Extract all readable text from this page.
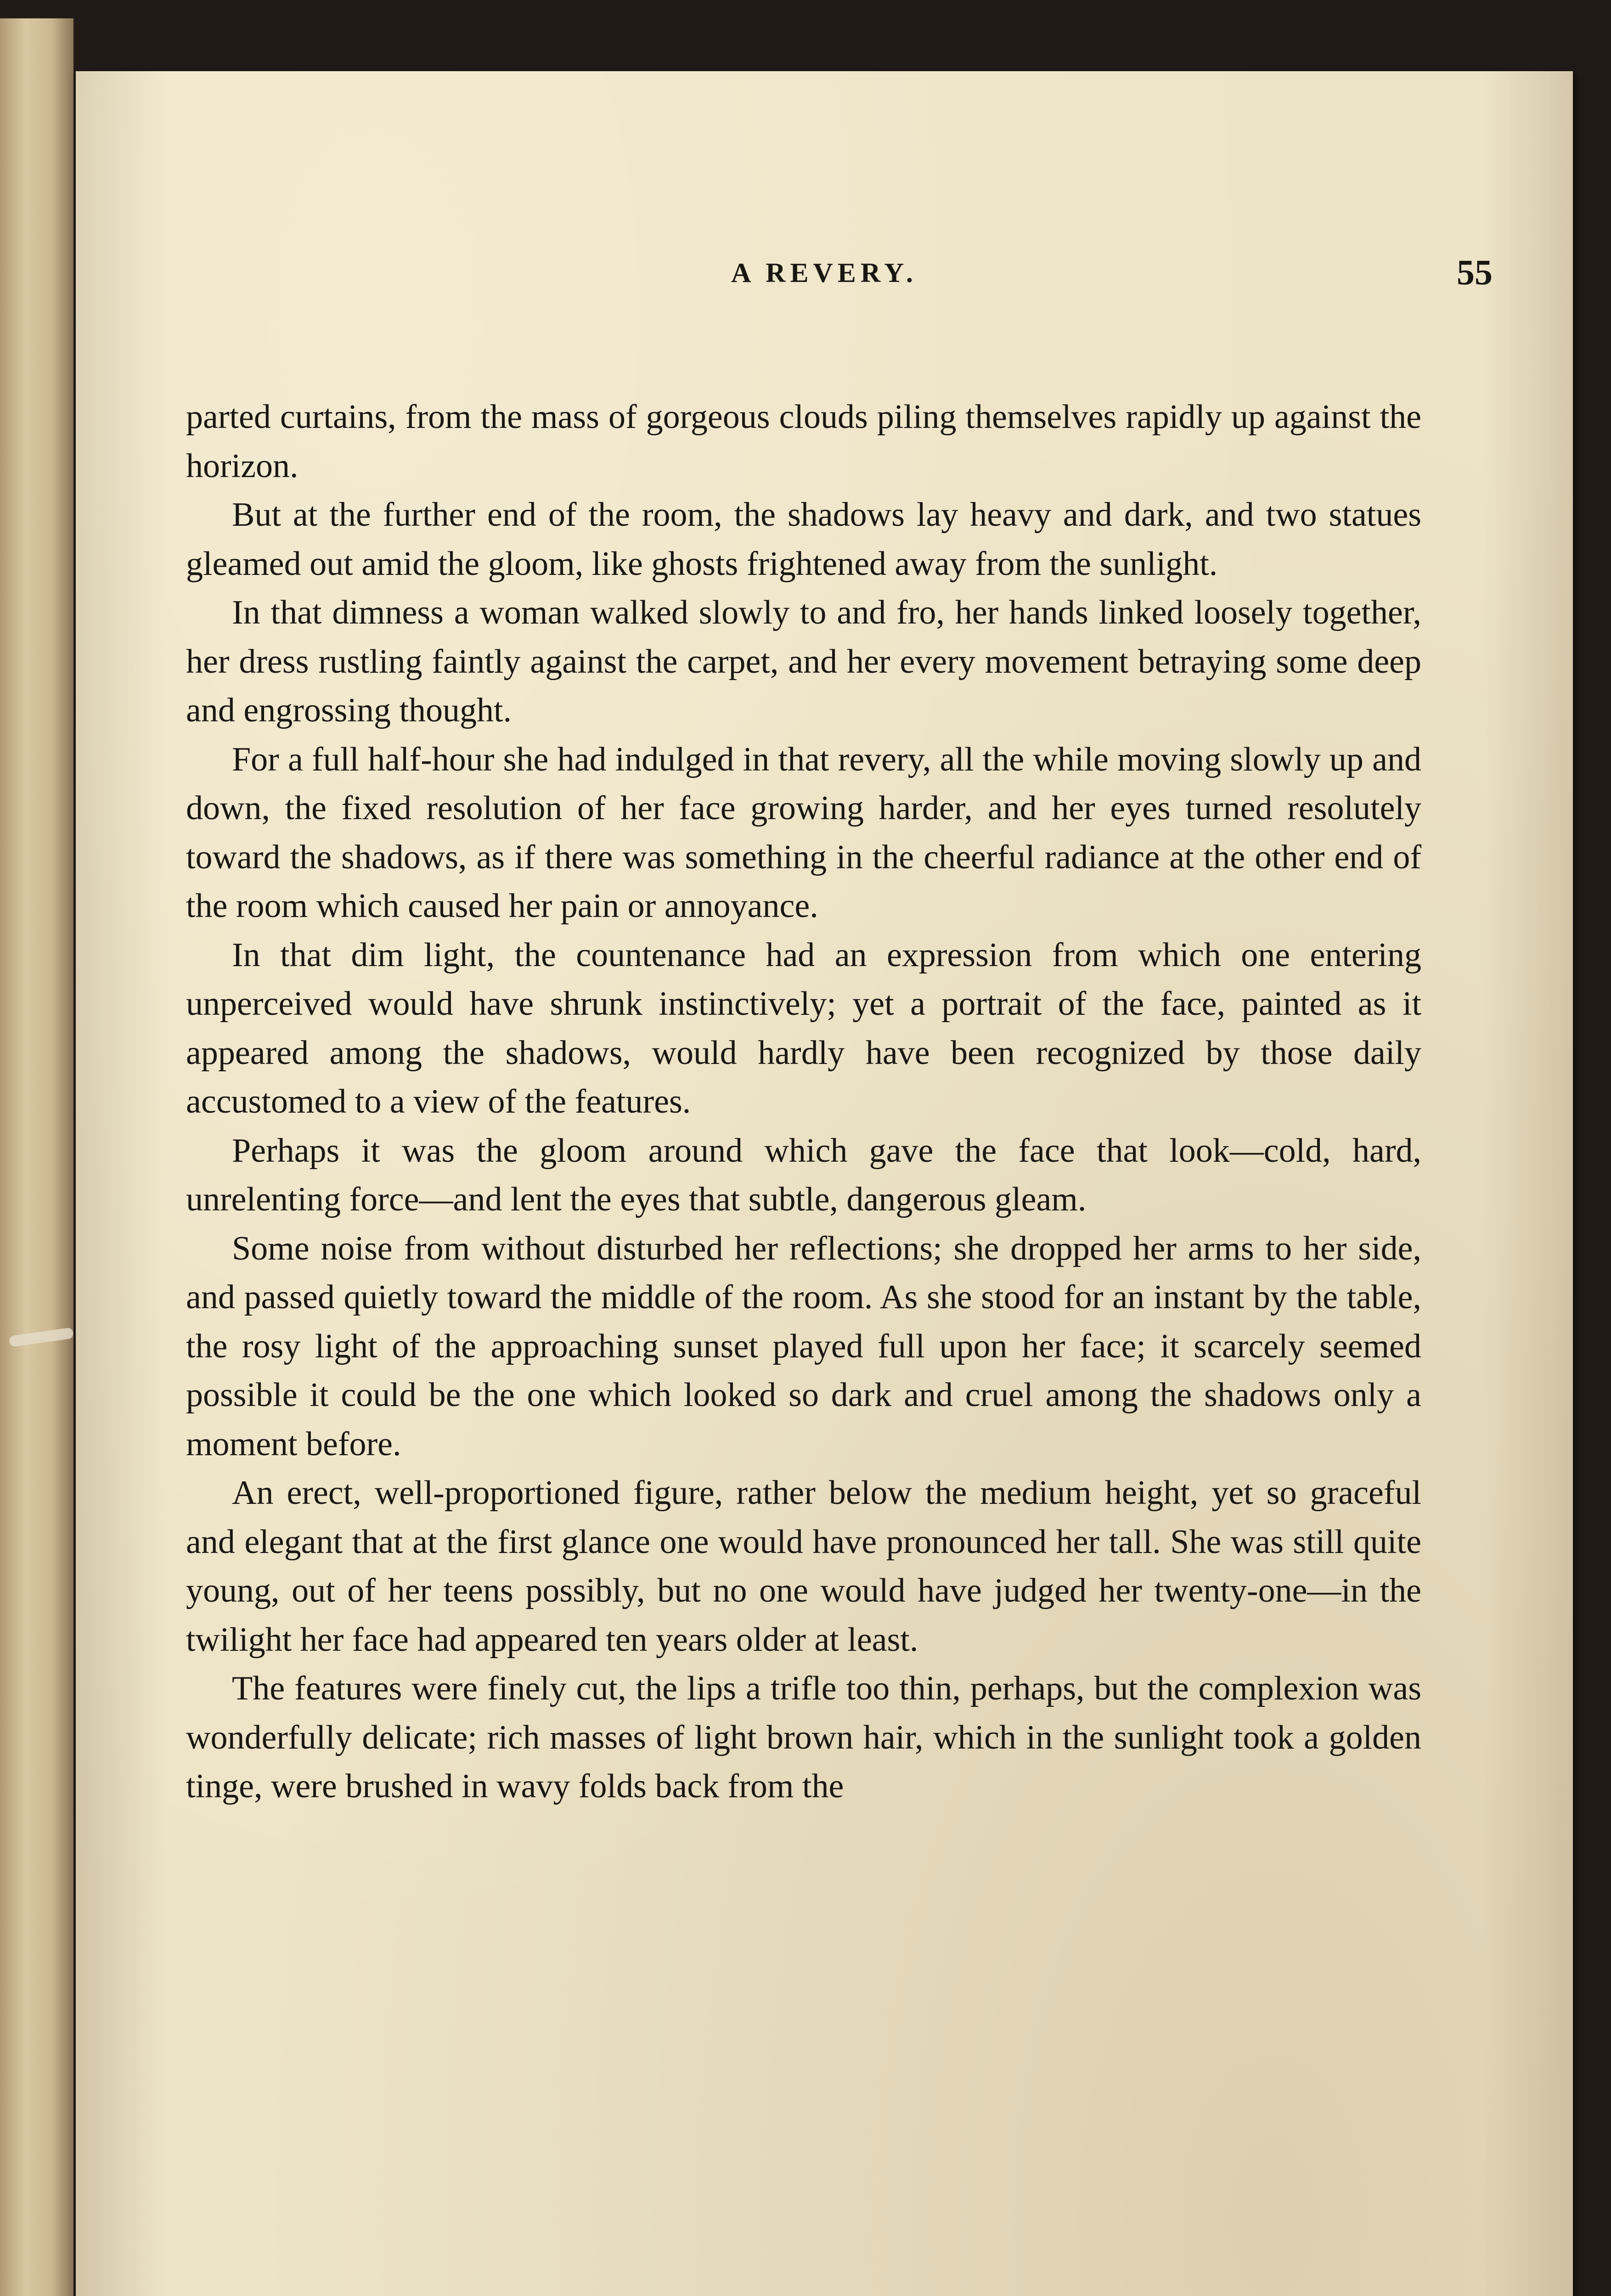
A REVERY.	55

parted curtains, from the mass of gorgeous clouds piling themselves rapidly up against the horizon.

But at the further end of the room, the shadows lay heavy and dark, and two statues gleamed out amid the gloom, like ghosts frightened away from the sunlight.

In that dimness a woman walked slowly to and fro, her hands linked loosely together, her dress rustling faintly against the carpet, and her every movement betraying some deep and engrossing thought.

For a full half-hour she had indulged in that revery, all the while moving slowly up and down, the fixed resolution of her face growing harder, and her eyes turned resolutely toward the shadows, as if there was something in the cheerful radiance at the other end of the room which caused her pain or annoyance.

In that dim light, the countenance had an expression from which one entering unperceived would have shrunk instinctively; yet a portrait of the face, painted as it appeared among the shadows, would hardly have been recognized by those daily accustomed to a view of the features.

Perhaps it was the gloom around which gave the face that look—cold, hard, unrelenting force—and lent the eyes that subtle, dangerous gleam.

Some noise from without disturbed her reflections; she dropped her arms to her side, and passed quietly toward the middle of the room. As she stood for an instant by the table, the rosy light of the approaching sunset played full upon her face; it scarcely seemed possible it could be the one which looked so dark and cruel among the shadows only a moment before.

An erect, well-proportioned figure, rather below the medium height, yet so graceful and elegant that at the first glance one would have pronounced her tall. She was still quite young, out of her teens possibly, but no one would have judged her twenty-one—in the twilight her face had appeared ten years older at least.

The features were finely cut, the lips a trifle too thin, perhaps, but the complexion was wonderfully delicate; rich masses of light brown hair, which in the sunlight took a golden tinge, were brushed in wavy folds back from the
